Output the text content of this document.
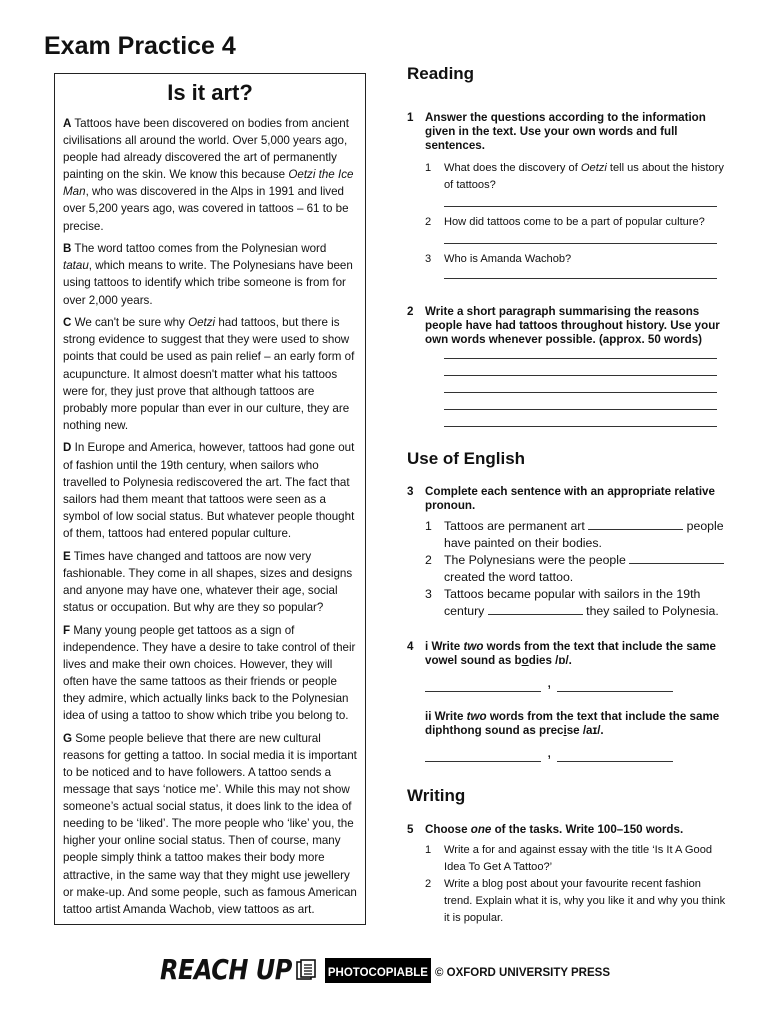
Exam Practice 4
Is it art?

A Tattoos have been discovered on bodies from ancient civilisations all around the world. Over 5,000 years ago, people had already discovered the art of permanently painting on the skin. We know this because Oetzi the Ice Man, who was discovered in the Alps in 1991 and lived over 5,200 years ago, was covered in tattoos – 61 to be precise.

B The word tattoo comes from the Polynesian word tatau, which means to write. The Polynesians have been using tattoos to identify which tribe someone is from for over 2,000 years.

C We can't be sure why Oetzi had tattoos, but there is strong evidence to suggest that they were used to show points that could be used as pain relief – an early form of acupuncture. It almost doesn't matter what his tattoos were for, they just prove that although tattoos are probably more popular than ever in our culture, they are nothing new.

D In Europe and America, however, tattoos had gone out of fashion until the 19th century, when sailors who travelled to Polynesia rediscovered the art. The fact that sailors had them meant that tattoos were seen as a symbol of low social status. But whatever people thought of them, tattoos had entered popular culture.

E Times have changed and tattoos are now very fashionable. They come in all shapes, sizes and designs and anyone may have one, whatever their age, social status or occupation. But why are they so popular?

F Many young people get tattoos as a sign of independence. They have a desire to take control of their lives and make their own choices. However, they will often have the same tattoos as their friends or people they admire, which actually links back to the Polynesian idea of using a tattoo to show which tribe you belong to.

G Some people believe that there are new cultural reasons for getting a tattoo. In social media it is important to be noticed and to have followers. A tattoo sends a message that says ‘notice me’. While this may not show someone’s actual social status, it does link to the idea of needing to be ‘liked’. The more people who ‘like’ you, the higher your online social status. Then of course, many people simply think a tattoo makes their body more attractive, in the same way that they might use jewellery or make-up. And some people, such as famous American tattoo artist Amanda Wachob, view tattoos as art.

Reading
1 Answer the questions according to the information given in the text. Use your own words and full sentences.
1 What does the discovery of Oetzi tell us about the history of tattoos?
2 How did tattoos come to be a part of popular culture?
3 Who is Amanda Wachob?
2 Write a short paragraph summarising the reasons people have had tattoos throughout history. Use your own words whenever possible. (approx. 50 words)
Use of English
3 Complete each sentence with an appropriate relative pronoun.
1 Tattoos are permanent art	people have painted on their bodies.
2 The Polynesians were the people  created the word tattoo.
3 Tattoos became popular with sailors in the 19th century	they sailed to Polynesia.
4 i Write two words from the text that include the same vowel sound as bodies /ɒ/.
,
ii Write two words from the text that include the same diphthong sound as precise /aɪ/.
,
Writing
5 Choose one of the tasks. Write 100–150 words.
1 Write a for and against essay with the title ‘Is It A Good Idea To Get A Tattoo?’
2 Write a blog post about your favourite recent fashion trend. Explain what it is, why you like it and why you think it is popular.
REACH UP	PHOTOCOPIABLE © OXFORD UNIVERSITY PRESS
